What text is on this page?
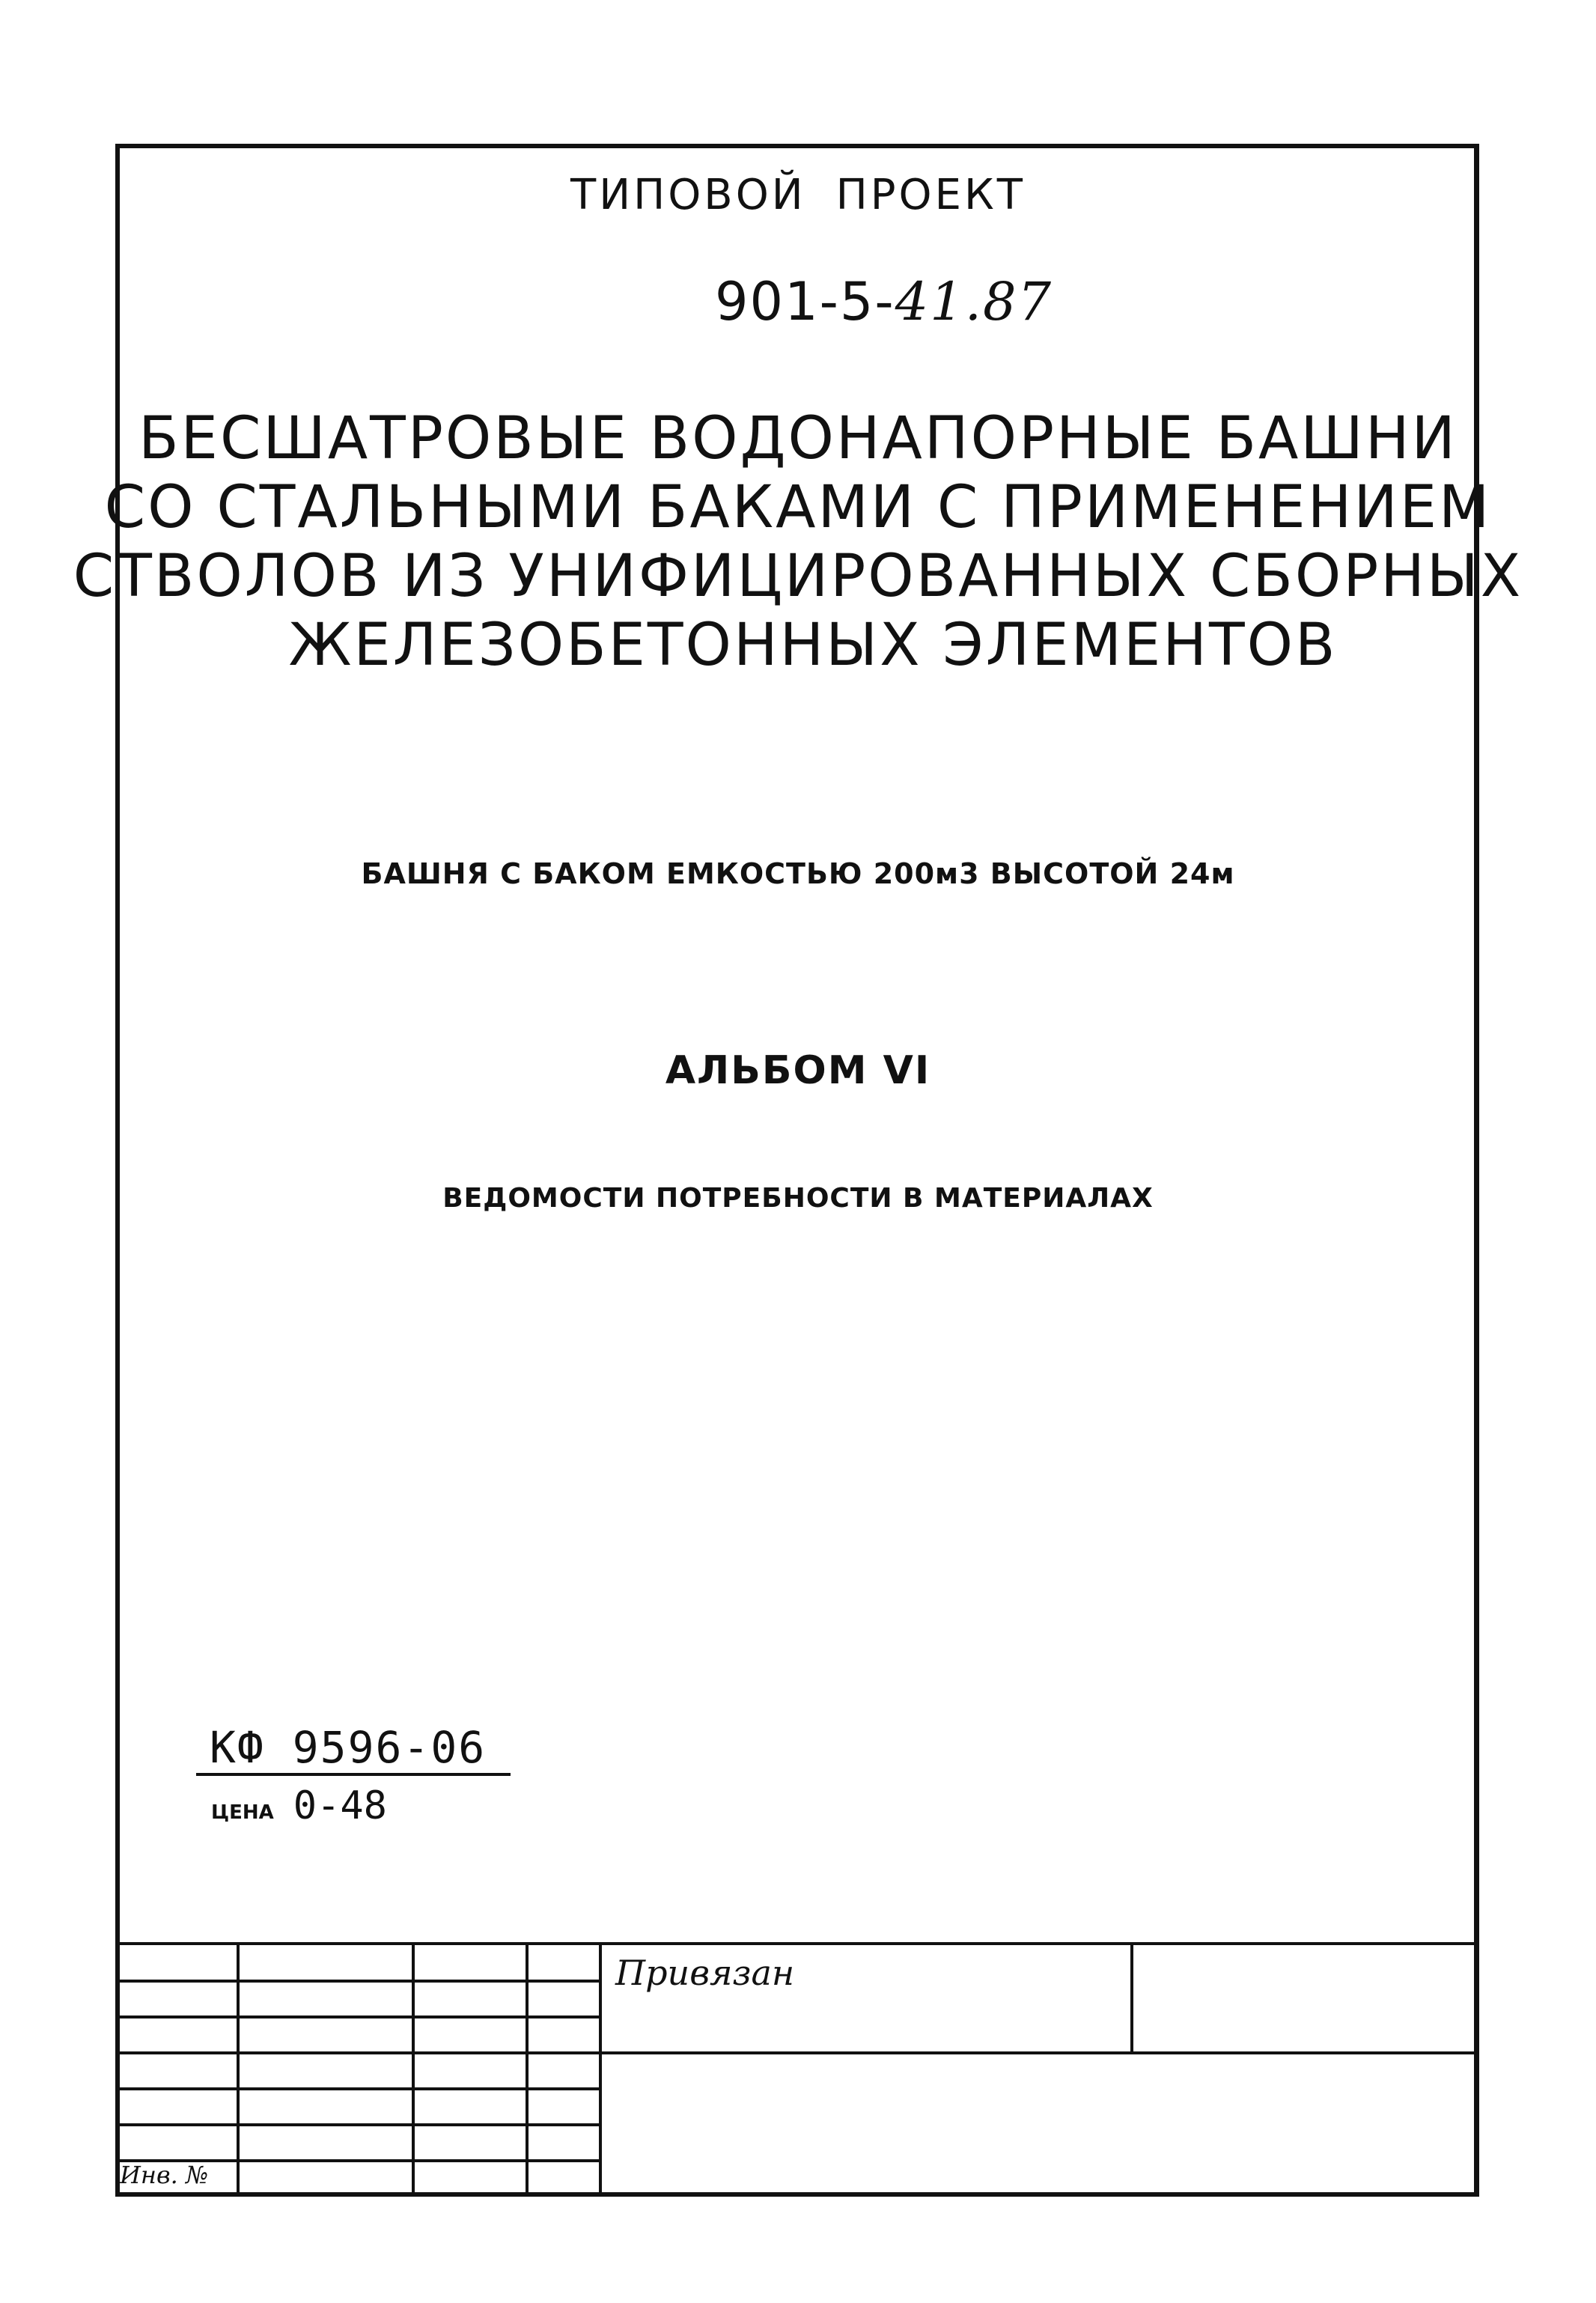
ТИПОВОЙ ПРОЕКТ
901-5-41.87
БЕСШАТРОВЫЕ ВОДОНАПОРНЫЕ БАШНИ
СО СТАЛЬНЫМИ БАКАМИ С ПРИМЕНЕНИЕМ
СТВОЛОВ ИЗ УНИФИЦИРОВАННЫХ СБОРНЫХ
ЖЕЛЕЗОБЕТОННЫХ ЭЛЕМЕНТОВ
БАШНЯ С БАКОМ ЕМКОСТЬЮ 200м3 ВЫСОТОЙ 24м
АЛЬБОМ VI
ВЕДОМОСТИ ПОТРЕБНОСТИ В МАТЕРИАЛАХ
КФ 9596-06
ЦЕНА 0-48
Привязан
Инв. №
